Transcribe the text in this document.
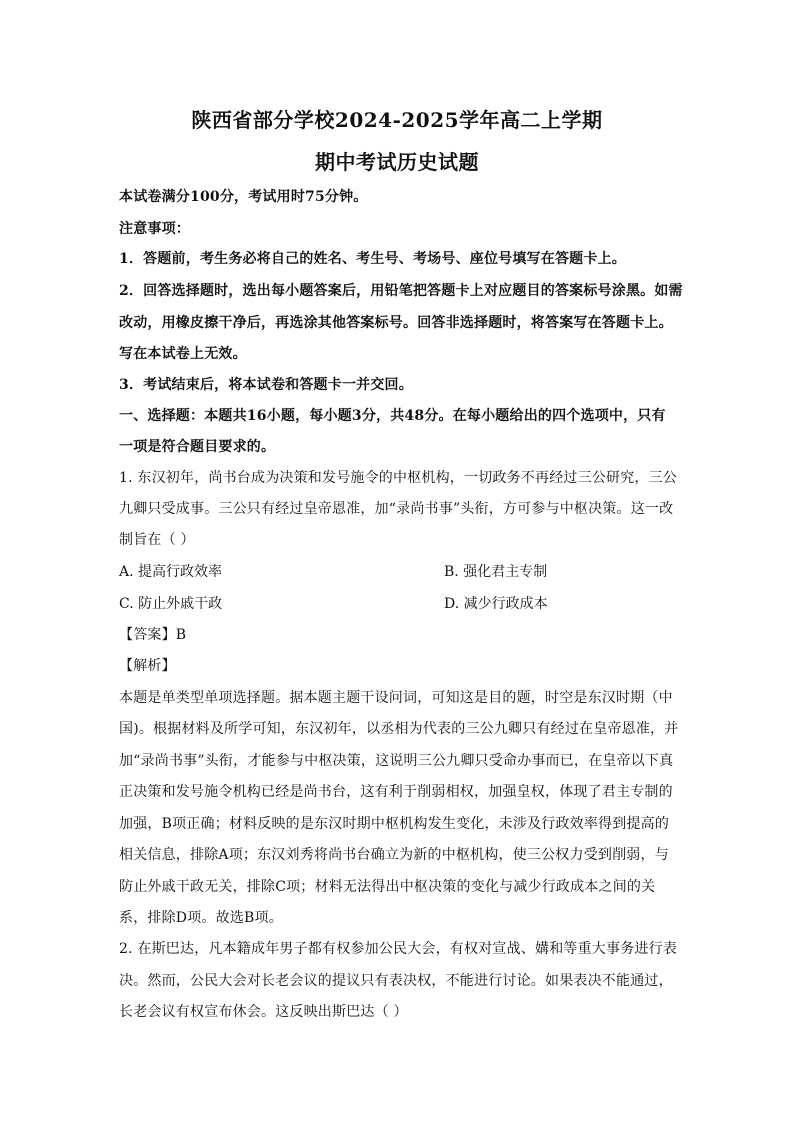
陕西省部分学校2024-2025学年高二上学期
期中考试历史试题
本试卷满分100分，考试用时75分钟。
注意事项：
1．答题前，考生务必将自己的姓名、考生号、考场号、座位号填写在答题卡上。
2．回答选择题时，选出每小题答案后，用铅笔把答题卡上对应题目的答案标号涂黑。如需
改动，用橡皮擦干净后，再选涂其他答案标号。回答非选择题时，将答案写在答题卡上。
写在本试卷上无效。
3．考试结束后，将本试卷和答题卡一并交回。
一、选择题：本题共16小题，每小题3分，共48分。在每小题给出的四个选项中，只有
一项是符合题目要求的。
1. 东汉初年，尚书台成为决策和发号施令的中枢机构，一切政务不再经过三公研究，三公
九卿只受成事。三公只有经过皇帝恩准，加“录尚书事”头衔，方可参与中枢决策。这一改
制旨在（ ）
A. 提高行政效率	B. 强化君主专制
C. 防止外戚干政	D. 减少行政成本
【答案】B
【解析】
本题是单类型单项选择题。据本题主题干设问词，可知这是目的题，时空是东汉时期（中
国)。根据材料及所学可知，东汉初年，以丞相为代表的三公九卿只有经过在皇帝恩准，并
加“录尚书事”头衔，才能参与中枢决策，这说明三公九卿只受命办事而已，在皇帝以下真
正决策和发号施令机构已经是尚书台，这有利于削弱相权，加强皇权，体现了君主专制的
加强，B项正确；材料反映的是东汉时期中枢机构发生变化，未涉及行政效率得到提高的
相关信息，排除A项；东汉刘秀将尚书台确立为新的中枢机构，使三公权力受到削弱，与
防止外戚干政无关，排除C项；材料无法得出中枢决策的变化与减少行政成本之间的关
系，排除D项。故选B项。
2. 在斯巴达，凡本籍成年男子都有权参加公民大会，有权对宣战、媾和等重大事务进行表
决。然而，公民大会对长老会议的提议只有表决权，不能进行讨论。如果表决不能通过，
长老会议有权宣布休会。这反映出斯巴达（ ）
